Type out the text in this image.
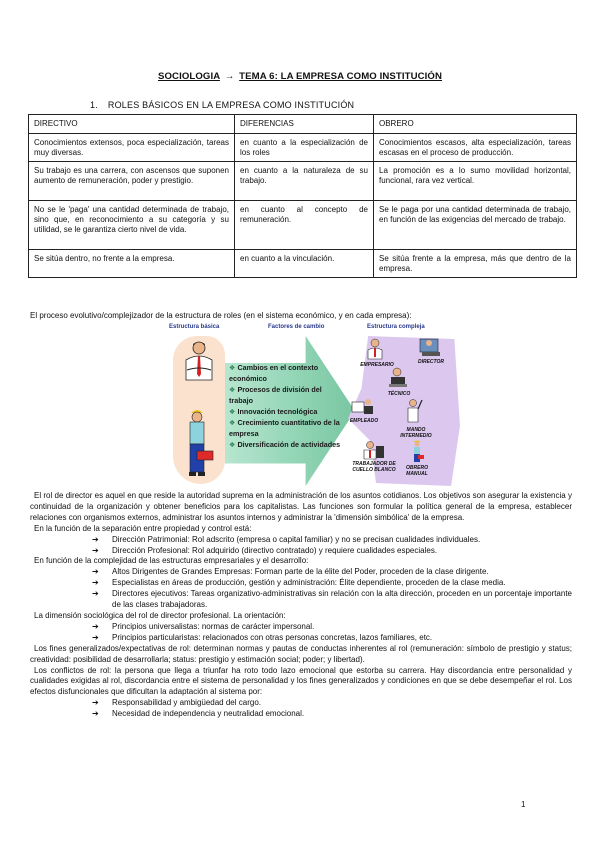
SOCIOLOGIA → TEMA 6: LA EMPRESA COMO INSTITUCIÓN
1. ROLES BÁSICOS EN LA EMPRESA COMO INSTITUCIÓN
DIRECTIVO	DIFERENCIAS	OBRERO
Conocimientos extensos, poca especialización, tareas muy diversas.	en cuanto a la especialización de los roles	Conocimientos escasos, alta especialización, tareas escasas en el proceso de producción.
Su trabajo es una carrera, con ascensos que suponen aumento de remuneración, poder y prestigio.	en cuanto a la naturaleza de su trabajo.	La promoción es a lo sumo movilidad horizontal, funcional, rara vez vertical.
No se le 'paga' una cantidad determinada de trabajo, sino que, en reconocimiento a su categoría y su utilidad, se le garantiza cierto nivel de vida.	en cuanto al concepto de remuneración.	Se le paga por una cantidad determinada de trabajo, en función de las exigencias del mercado de trabajo.
Se sitúa dentro, no frente a la empresa.	en cuanto a la vinculación.	Se sitúa frente a la empresa, más que dentro de la empresa.
El proceso evolutivo/complejizador de la estructura de roles (en el sistema económico, y en cada empresa):
Estructura básica	Factores de cambio	Estructura compleja
❖ Cambios en el contexto económico
❖ Procesos de división del trabajo
❖ Innovación tecnológica
❖ Crecimiento cuantitativo de la empresa
❖ Diversificación de actividades
EMPRESARIO	DIRECTOR
TÉCNICO
EMPLEADO
MANDO INTERMEDIO
TRABAJADOR DE CUELLO BLANCO	OBRERO MANUAL

El rol de director es aquel en que reside la autoridad suprema en la administración de los asuntos cotidianos. Los objetivos son asegurar la existencia y continuidad de la organización y obtener beneficios para los capitalistas. Las funciones son formular la política general de la empresa, establecer relaciones con organismos externos, administrar los asuntos internos y administrar la 'dimensión simbólica' de la empresa.

En la función de la separación entre propiedad y control está:

➔ Dirección Patrimonial: Rol adscrito (empresa o capital familiar) y no se precisan cualidades individuales.
➔ Dirección Profesional: Rol adquirido (directivo contratado) y requiere cualidades especiales.

En función de la complejidad de las estructuras empresariales y el desarrollo:

➔ Altos Dirigentes de Grandes Empresas: Forman parte de la élite del Poder, proceden de la clase dirigente.
➔ Especialistas en áreas de producción, gestión y administración: Élite dependiente, proceden de la clase media.
➔ Directores ejecutivos: Tareas organizativo-administrativas sin relación con la alta dirección, proceden en un porcentaje importante de las clases trabajadoras.

La dimensión sociológica del rol de director profesional. La orientación:

➔ Principios universalistas: normas de carácter impersonal.
➔ Principios particularistas: relacionados con otras personas concretas, lazos familiares, etc.

Los fines generalizados/expectativas de rol: determinan normas y pautas de conductas inherentes al rol (remuneración: símbolo de prestigio y status; creatividad: posibilidad de desarrollarla; status: prestigio y estimación social; poder; y libertad).

Los conflictos de rol: la persona que llega a triunfar ha roto todo lazo emocional que estorba su carrera. Hay discordancia entre personalidad y cualidades exigidas al rol, discordancia entre el sistema de personalidad y los fines generalizados y condiciones en que se debe desempeñar el rol. Los efectos disfuncionales que dificultan la adaptación al sistema por:

➔ Responsabilidad y ambigüedad del cargo.
➔ Necesidad de independencia y neutralidad emocional.
1
